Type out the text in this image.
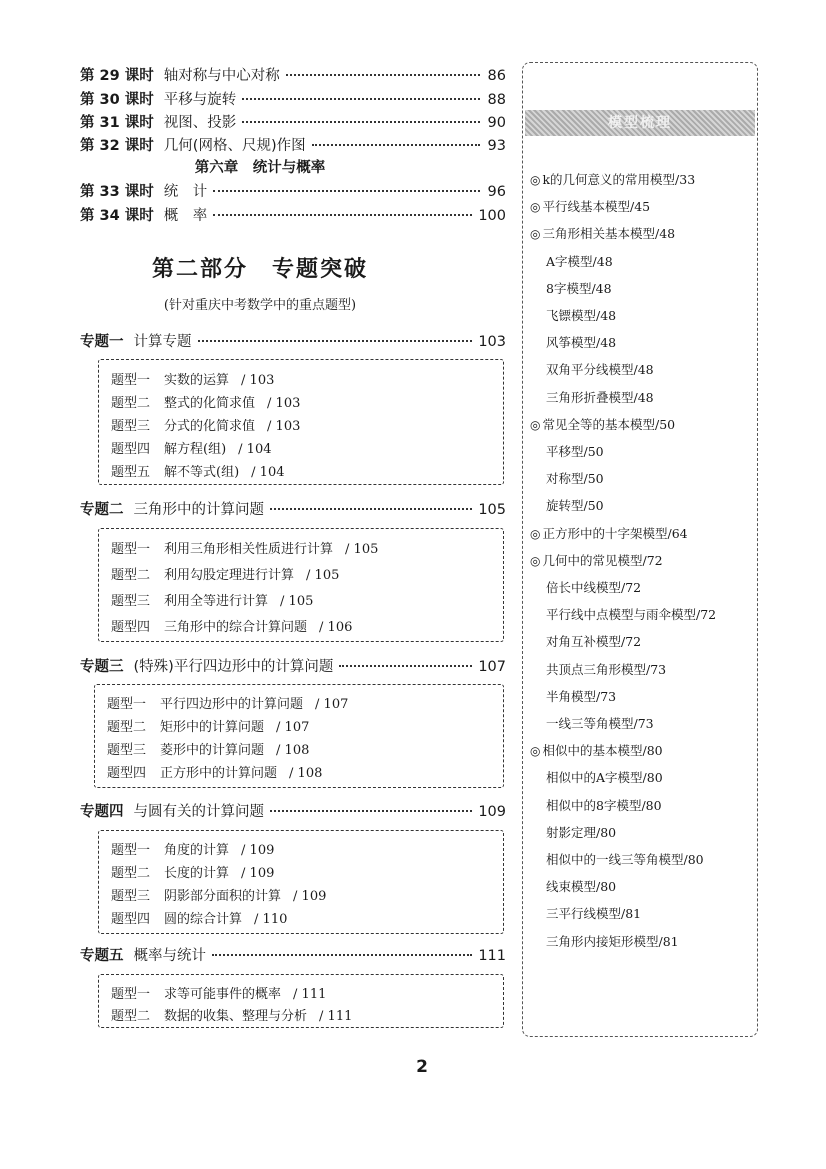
第 29 课时 轴对称与中心对称	86
第 30 课时 平移与旋转	88
第 31 课时 视图、投影	90
第 32 课时 几何(网格、尺规)作图	93
第六章　统计与概率
第 33 课时 统　计	96
第 34 课时 概　率	100
第二部分　专题突破
(针对重庆中考数学中的重点题型)
专题一 计算专题	103
题型一 实数的运算 / 103
题型二 整式的化简求值 / 103
题型三 分式的化简求值 / 103
题型四 解方程(组) / 104
题型五 解不等式(组) / 104
专题二 三角形中的计算问题	105
题型一 利用三角形相关性质进行计算 / 105
题型二 利用勾股定理进行计算 / 105
题型三 利用全等进行计算 / 105
题型四 三角形中的综合计算问题 / 106
专题三 (特殊)平行四边形中的计算问题	107
题型一 平行四边形中的计算问题 / 107
题型二 矩形中的计算问题 / 107
题型三 菱形中的计算问题 / 108
题型四 正方形中的计算问题 / 108
专题四 与圆有关的计算问题	109
题型一 角度的计算 / 109
题型二 长度的计算 / 109
题型三 阴影部分面积的计算 / 109
题型四 圆的综合计算 / 110
专题五 概率与统计	111
题型一 求等可能事件的概率 / 111
题型二 数据的收集、整理与分析 / 111
模型梳理
◎ k的几何意义的常用模型/33
◎ 平行线基本模型/45
◎ 三角形相关基本模型/48
A字模型/48
8字模型/48
飞镖模型/48
风筝模型/48
双角平分线模型/48
三角形折叠模型/48
◎ 常见全等的基本模型/50
平移型/50
对称型/50
旋转型/50
◎ 正方形中的十字架模型/64
◎ 几何中的常见模型/72
倍长中线模型/72
平行线中点模型与雨伞模型/72
对角互补模型/72
共顶点三角形模型/73
半角模型/73
一线三等角模型/73
◎ 相似中的基本模型/80
相似中的A字模型/80
相似中的8字模型/80
射影定理/80
相似中的一线三等角模型/80
线束模型/80
三平行线模型/81
三角形内接矩形模型/81
2
